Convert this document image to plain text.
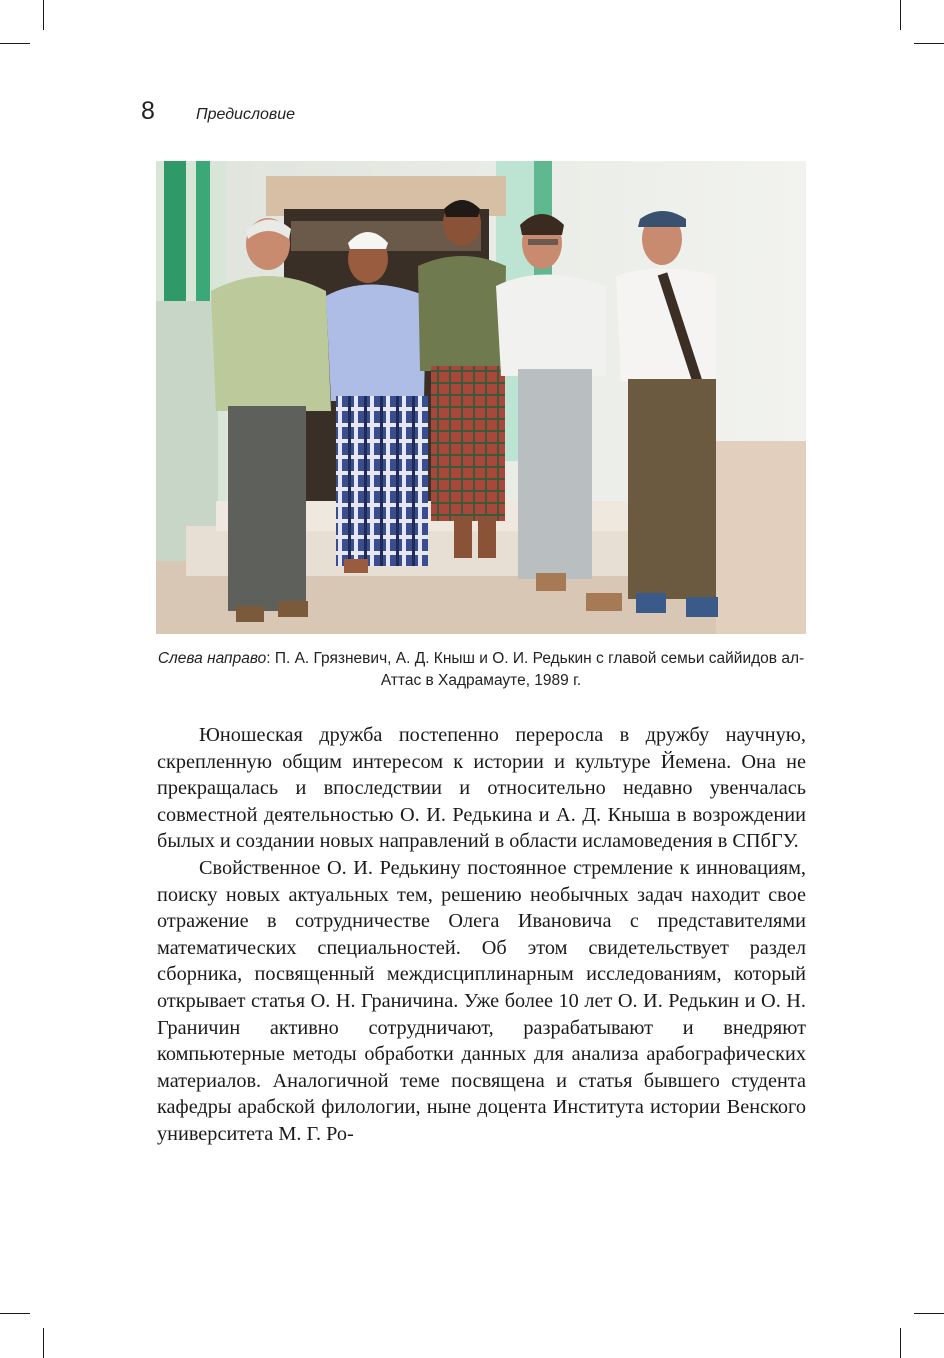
8	Предисловие
Слева направо: П. А. Грязневич, А. Д. Кныш и О. И. Редькин с главой семьи саййидов ал-Аттас в Хадрамауте, 1989 г.

Юношеская дружба постепенно переросла в дружбу научную, скрепленную общим интересом к истории и культуре Йемена. Она не прекращалась и впоследствии и относительно недавно увенчалась совместной деятельностью О. И. Редькина и А. Д. Кныша в возрождении былых и создании новых направлений в области исламоведения в СПбГУ.

Свойственное О. И. Редькину постоянное стремление к инновациям, поиску новых актуальных тем, решению необычных задач находит свое отражение в сотрудничестве Олега Ивановича с представителями математических специальностей. Об этом свидетельствует раздел сборника, посвященный междисциплинарным исследованиям, который открывает статья О. Н. Граничина. Уже более 10 лет О. И. Редькин и О. Н. Граничин активно сотрудничают, разрабатывают и внедряют компьютерные методы обработки данных для анализа арабографических материалов. Аналогичной теме посвящена и статья бывшего студента кафедры арабской филологии, ныне доцента Института истории Венского университета М. Г. Ро-
